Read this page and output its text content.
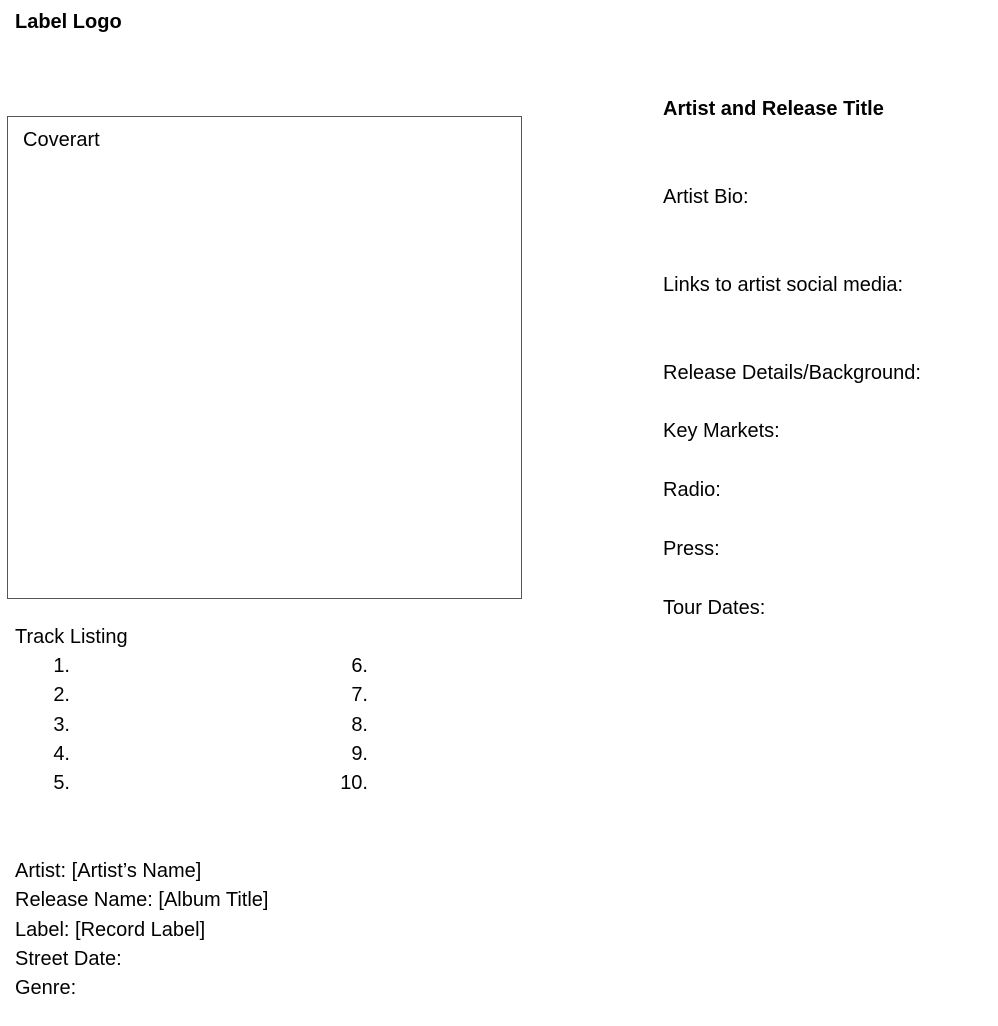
Label Logo
Coverart
Artist and Release Title
Artist Bio:
Links to artist social media:
Release Details/Background:
Key Markets:
Radio:
Press:
Tour Dates:
Track Listing
1.
2.
3.
4.
5.
6.
7.
8.
9.
10.
Artist: [Artist’s Name]
Release Name: [Album Title]
Label: [Record Label]
Street Date:
Genre:
